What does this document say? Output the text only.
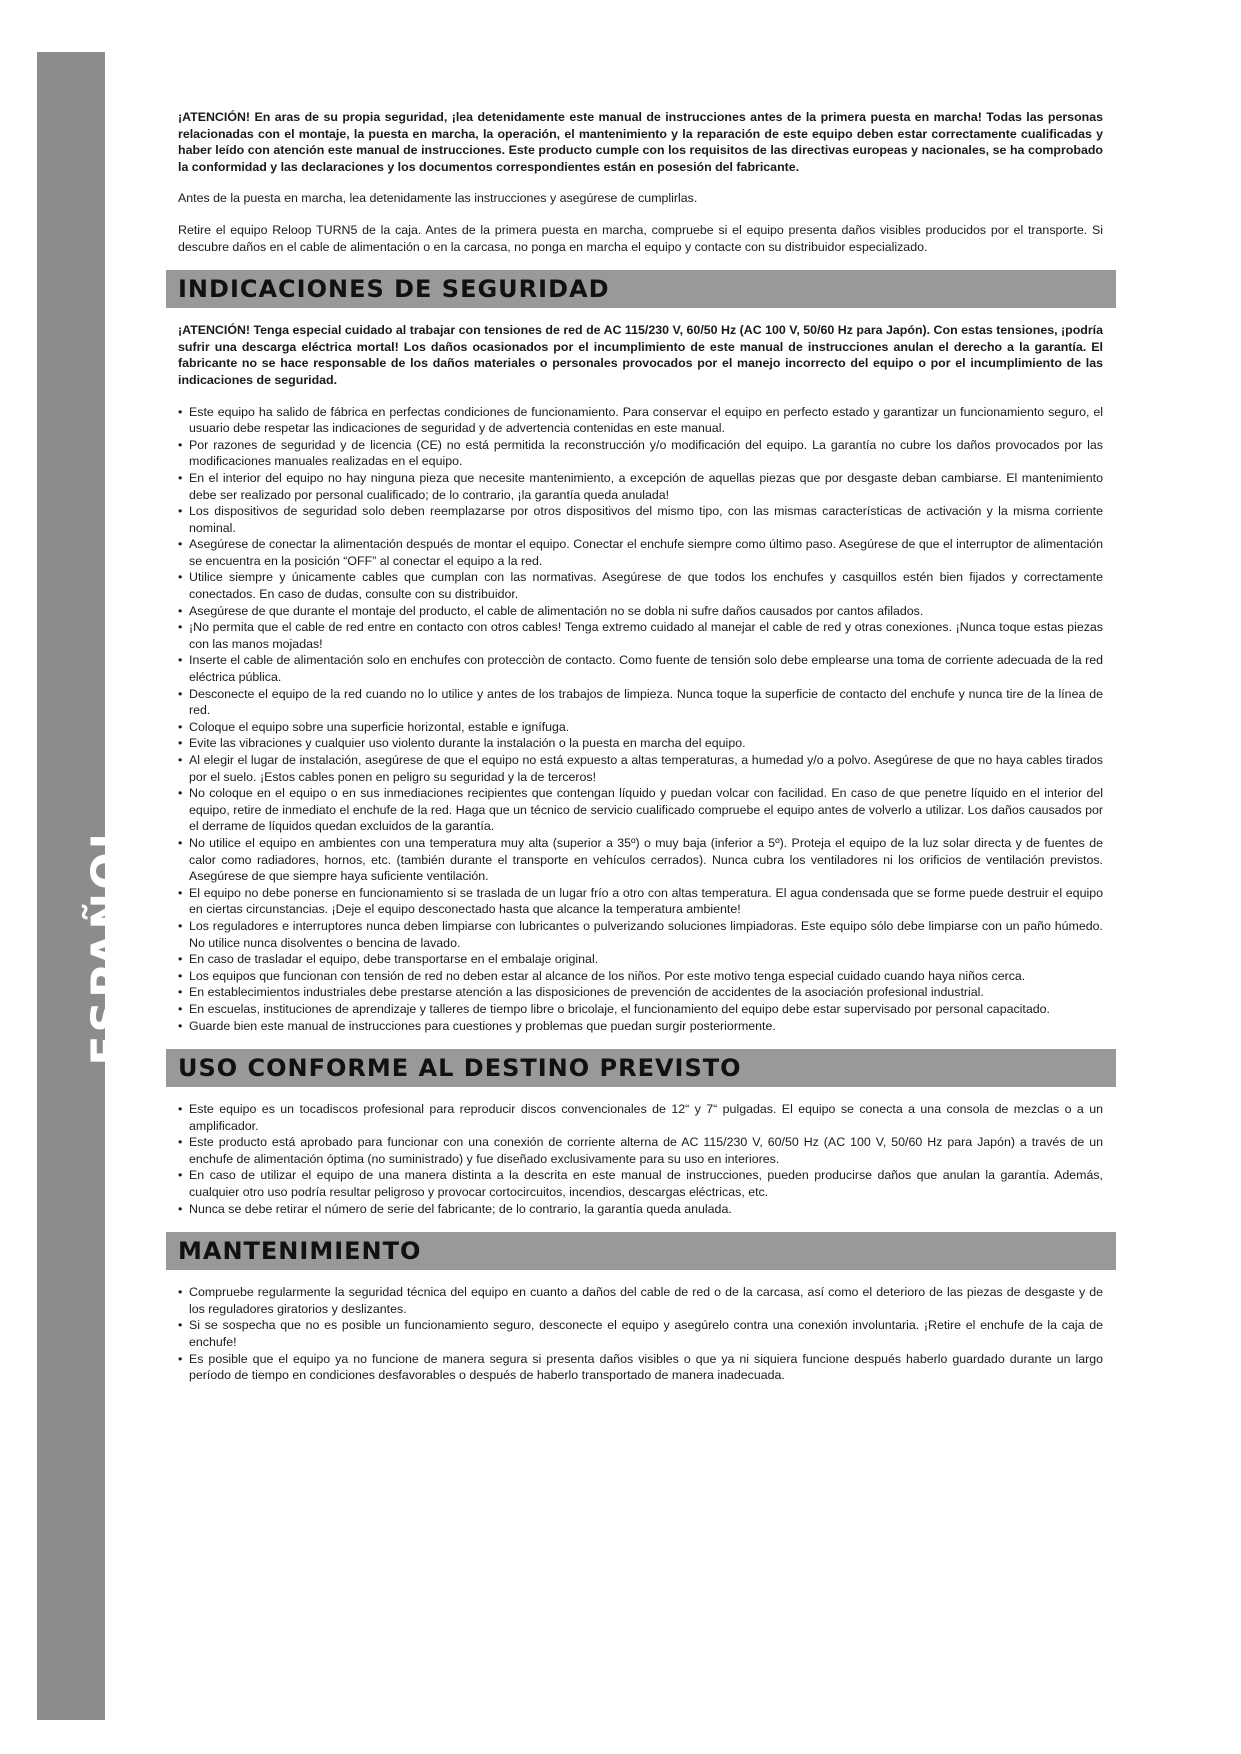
ESPAÑOL
16

¡ATENCIÓN! En aras de su propia seguridad, ¡lea detenidamente este manual de instrucciones antes de la primera puesta en marcha! Todas las personas relacionadas con el montaje, la puesta en marcha, la operación, el mantenimiento y la reparación de este equipo deben estar correctamente cualificadas y haber leído con atención este manual de instrucciones. Este producto cumple con los requisitos de las directivas europeas y nacionales, se ha comprobado la conformidad y las declaraciones y los documentos correspondientes están en posesión del fabricante.

Antes de la puesta en marcha, lea detenidamente las instrucciones y asegúrese de cumplirlas.

Retire el equipo Reloop TURN5 de la caja. Antes de la primera puesta en marcha, compruebe si el equipo presenta daños visibles producidos por el transporte. Si descubre daños en el cable de alimentación o en la carcasa, no ponga en marcha el equipo y contacte con su distribuidor especializado.

INDICACIONES DE SEGURIDAD

¡ATENCIÓN! Tenga especial cuidado al trabajar con tensiones de red de AC 115/230 V, 60/50 Hz (AC 100 V, 50/60 Hz para Japón). Con estas tensiones, ¡podría sufrir una descarga eléctrica mortal! Los daños ocasionados por el incumplimiento de este manual de instrucciones anulan el derecho a la garantía. El fabricante no se hace responsable de los daños materiales o personales provocados por el manejo incorrecto del equipo o por el incumplimiento de las indicaciones de seguridad.

• Este equipo ha salido de fábrica en perfectas condiciones de funcionamiento. Para conservar el equipo en perfecto estado y garantizar un funcionamiento seguro, el usuario debe respetar las indicaciones de seguridad y de advertencia contenidas en este manual.
• Por razones de seguridad y de licencia (CE) no está permitida la reconstrucción y/o modificación del equipo. La garantía no cubre los daños provocados por las modificaciones manuales realizadas en el equipo.
• En el interior del equipo no hay ninguna pieza que necesite mantenimiento, a excepción de aquellas piezas que por desgaste deban cambiarse. El mantenimiento debe ser realizado por personal cualificado; de lo contrario, ¡la garantía queda anulada!
• Los dispositivos de seguridad solo deben reemplazarse por otros dispositivos del mismo tipo, con las mismas características de activación y la misma corriente nominal.
• Asegúrese de conectar la alimentación después de montar el equipo. Conectar el enchufe siempre como último paso. Asegúrese de que el interruptor de alimentación se encuentra en la posición “OFF” al conectar el equipo a la red.
• Utilice siempre y únicamente cables que cumplan con las normativas. Asegúrese de que todos los enchufes y casquillos estén bien fijados y correctamente conectados. En caso de dudas, consulte con su distribuidor.
• Asegúrese de que durante el montaje del producto, el cable de alimentación no se dobla ni sufre daños causados por cantos afilados.
• ¡No permita que el cable de red entre en contacto con otros cables! Tenga extremo cuidado al manejar el cable de red y otras conexiones. ¡Nunca toque estas piezas con las manos mojadas!
• Inserte el cable de alimentación solo en enchufes con protecciòn de contacto. Como fuente de tensión solo debe emplearse una toma de corriente adecuada de la red eléctrica pública.
• Desconecte el equipo de la red cuando no lo utilice y antes de los trabajos de limpieza. Nunca toque la superficie de contacto del enchufe y nunca tire de la línea de red.
• Coloque el equipo sobre una superficie horizontal, estable e ignífuga.
• Evite las vibraciones y cualquier uso violento durante la instalación o la puesta en marcha del equipo.
• Al elegir el lugar de instalación, asegúrese de que el equipo no está expuesto a altas temperaturas, a humedad y/o a polvo. Asegúrese de que no haya cables tirados por el suelo. ¡Estos cables ponen en peligro su seguridad y la de terceros!
• No coloque en el equipo o en sus inmediaciones recipientes que contengan líquido y puedan volcar con facilidad. En caso de que penetre líquido en el interior del equipo, retire de inmediato el enchufe de la red. Haga que un técnico de servicio cualificado compruebe el equipo antes de volverlo a utilizar. Los daños causados por el derrame de líquidos quedan excluidos de la garantía.
• No utilice el equipo en ambientes con una temperatura muy alta (superior a 35º) o muy baja (inferior a 5º). Proteja el equipo de la luz solar directa y de fuentes de calor como radiadores, hornos, etc. (también durante el transporte en vehículos cerrados). Nunca cubra los ventiladores ni los orificios de ventilación previstos. Asegúrese de que siempre haya suficiente ventilación.
• El equipo no debe ponerse en funcionamiento si se traslada de un lugar frío a otro con altas temperatura. El agua condensada que se forme puede destruir el equipo en ciertas circunstancias. ¡Deje el equipo desconectado hasta que alcance la temperatura ambiente!
• Los reguladores e interruptores nunca deben limpiarse con lubricantes o pulverizando soluciones limpiadoras. Este equipo sólo debe limpiarse con un paño húmedo. No utilice nunca disolventes o bencina de lavado.
• En caso de trasladar el equipo, debe transportarse en el embalaje original.
• Los equipos que funcionan con tensión de red no deben estar al alcance de los niños. Por este motivo tenga especial cuidado cuando haya niños cerca.
• En establecimientos industriales debe prestarse atención a las disposiciones de prevención de accidentes de la asociación profesional industrial.
• En escuelas, instituciones de aprendizaje y talleres de tiempo libre o bricolaje, el funcionamiento del equipo debe estar supervisado por personal capacitado.
• Guarde bien este manual de instrucciones para cuestiones y problemas que puedan surgir posteriormente.
USO CONFORME AL DESTINO PREVISTO
• Este equipo es un tocadiscos profesional para reproducir discos convencionales de 12“ y 7“ pulgadas. El equipo se conecta a una consola de mezclas o a un amplificador.
• Este producto está aprobado para funcionar con una conexión de corriente alterna de AC 115/230 V, 60/50 Hz (AC 100 V, 50/60 Hz para Japón) a través de un enchufe de alimentación óptima (no suministrado) y fue diseñado exclusivamente para su uso en interiores.
• En caso de utilizar el equipo de una manera distinta a la descrita en este manual de instrucciones, pueden producirse daños que anulan la garantía. Además, cualquier otro uso podría resultar peligroso y provocar cortocircuitos, incendios, descargas eléctricas, etc.
• Nunca se debe retirar el número de serie del fabricante; de lo contrario, la garantía queda anulada.
MANTENIMIENTO
• Compruebe regularmente la seguridad técnica del equipo en cuanto a daños del cable de red o de la carcasa, así como el deterioro de las piezas de desgaste y de los reguladores giratorios y deslizantes.
• Si se sospecha que no es posible un funcionamiento seguro, desconecte el equipo y asegúrelo contra una conexión involuntaria. ¡Retire el enchufe de la caja de enchufe!
• Es posible que el equipo ya no funcione de manera segura si presenta daños visibles o que ya ni siquiera funcione después haberlo guardado durante un largo período de tiempo en condiciones desfavorables o después de haberlo transportado de manera inadecuada.
